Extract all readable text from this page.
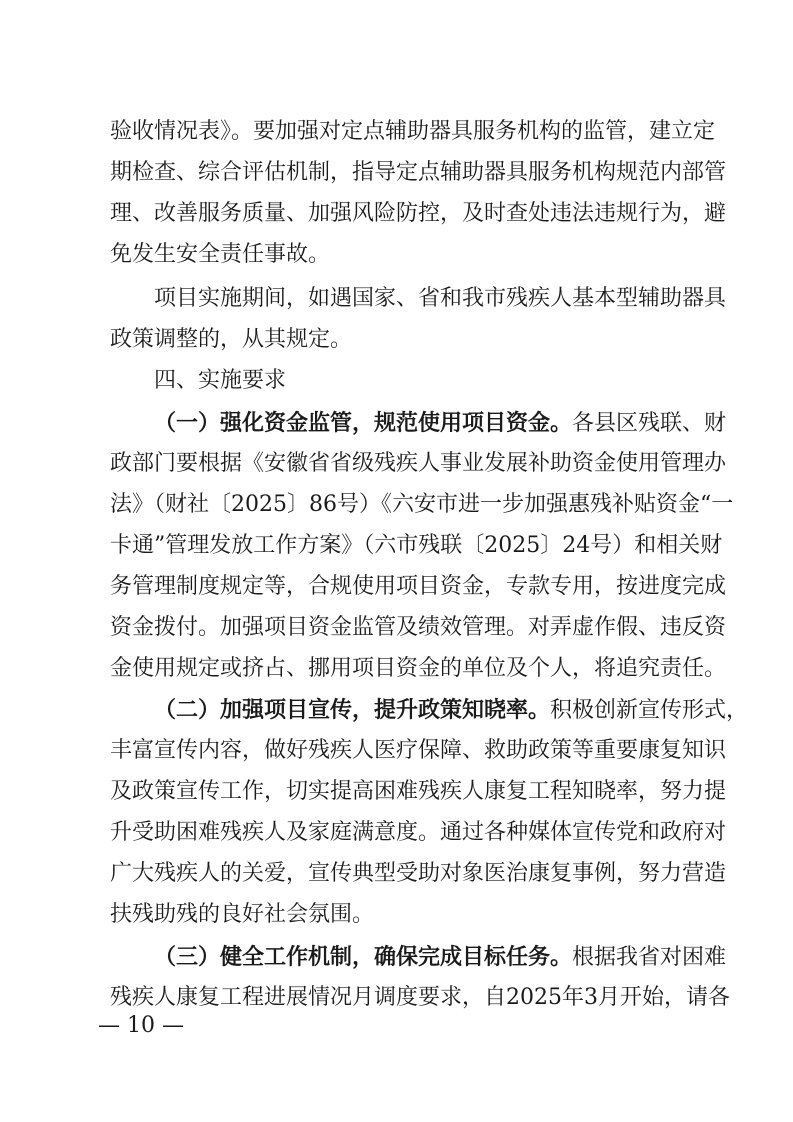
验收情况表》。要加强对定点辅助器具服务机构的监管，建立定
期检查、综合评估机制，指导定点辅助器具服务机构规范内部管
理、改善服务质量、加强风险防控，及时查处违法违规行为，避
免发生安全责任事故。
项目实施期间，如遇国家、省和我市残疾人基本型辅助器具
政策调整的，从其规定。
四、实施要求
（一）强化资金监管，规范使用项目资金。各县区残联、财
政部门要根据《安徽省省级残疾人事业发展补助资金使用管理办
法》（财社〔2025〕86号）《六安市进一步加强惠残补贴资金“一
卡通”管理发放工作方案》（六市残联〔2025〕24号）和相关财
务管理制度规定等，合规使用项目资金，专款专用，按进度完成
资金拨付。加强项目资金监管及绩效管理。对弄虚作假、违反资
金使用规定或挤占、挪用项目资金的单位及个人，将追究责任。
（二）加强项目宣传，提升政策知晓率。积极创新宣传形式，
丰富宣传内容，做好残疾人医疗保障、救助政策等重要康复知识
及政策宣传工作，切实提高困难残疾人康复工程知晓率，努力提
升受助困难残疾人及家庭满意度。通过各种媒体宣传党和政府对
广大残疾人的关爱，宣传典型受助对象医治康复事例，努力营造
扶残助残的良好社会氛围。
（三）健全工作机制，确保完成目标任务。根据我省对困难
残疾人康复工程进展情况月调度要求，自2025年3月开始，请各
— 10 —
